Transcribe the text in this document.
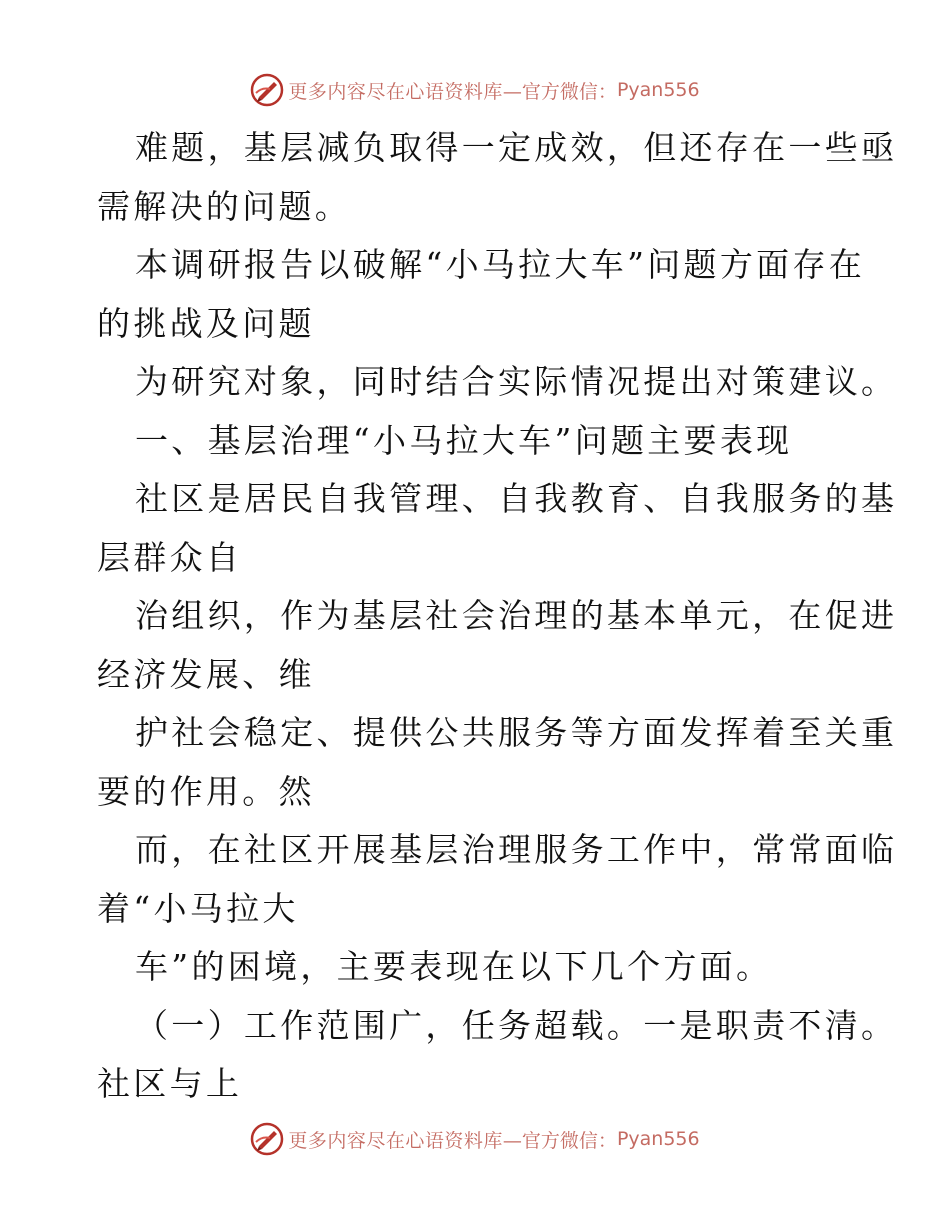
更多内容尽在心语资料库 —官方微信： Pyan556
难题，基层减负取得一定成效，但还存在一些亟
需解决的问题。
本调研报告以破解“小马拉大车”问题方面存在
的挑战及问题
为研究对象，同时结合实际情况提出对策建议。
一、基层治理“小马拉大车”问题主要表现
社区是居民自我管理、自我教育、自我服务的基
层群众自
治组织，作为基层社会治理的基本单元，在促进
经济发展、维
护社会稳定、提供公共服务等方面发挥着至关重
要的作用。然
而，在社区开展基层治理服务工作中，常常面临
着“小马拉大
车”的困境，主要表现在以下几个方面。
（一）工作范围广，任务超载。一是职责不清。
社区与上
更多内容尽在心语资料库 —官方微信： Pyan556
